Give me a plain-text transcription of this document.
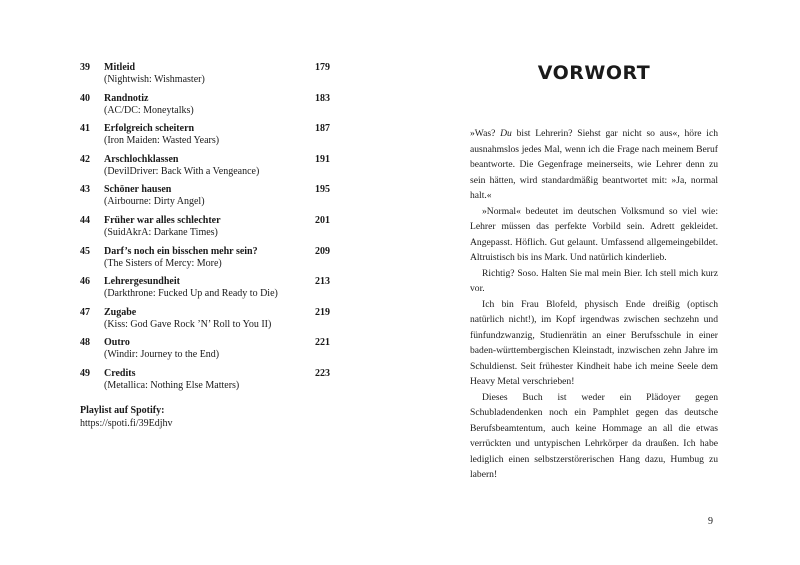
39 Mitleid	179
(Nightwish: Wishmaster)
40 Randnotiz	183
(AC/DC: Moneytalks)
41 Erfolgreich scheitern	187
(Iron Maiden: Wasted Years)
42 Arschlochklassen	191
(DevilDriver: Back With a Vengeance)
43 Schöner hausen	195
(Airbourne: Dirty Angel)
44 Früher war alles schlechter	201
(SuidAkrA: Darkane Times)
45 Darf’s noch ein bisschen mehr sein?	209
(The Sisters of Mercy: More)
46 Lehrergesundheit	213
(Darkthrone: Fucked Up and Ready to Die)
47 Zugabe	219
(Kiss: God Gave Rock ’N’ Roll to You II)
48 Outro	221
(Windir: Journey to the End)
49 Credits	223
(Metallica: Nothing Else Matters)
Playlist auf Spotify:
https://spoti.fi/39Edjhv
VORWORT

»Was? Du bist Lehrerin? Siehst gar nicht so aus«, höre ich ausnahmslos jedes Mal, wenn ich die Frage nach meinem Beruf beantworte. Die Gegenfrage meinerseits, wie Lehrer denn zu sein hätten, wird standardmäßig beantwortet mit: »Ja, normal halt.«

»Normal« bedeutet im deutschen Volksmund so viel wie: Lehrer müssen das perfekte Vorbild sein. Adrett gekleidet. Angepasst. Höflich. Gut gelaunt. Umfassend allgemeingebildet. Altruistisch bis ins Mark. Und natürlich kinderlieb.

Richtig? Soso. Halten Sie mal mein Bier. Ich stell mich kurz vor.

Ich bin Frau Blofeld, physisch Ende dreißig (optisch natürlich nicht!), im Kopf irgendwas zwischen sechzehn und fünfundzwanzig, Studienrätin an einer Berufsschule in einer baden-württembergischen Kleinstadt, inzwischen zehn Jahre im Schuldienst. Seit frühester Kindheit habe ich meine Seele dem Heavy Metal verschrieben!

Dieses Buch ist weder ein Plädoyer gegen Schubladendenken noch ein Pamphlet gegen das deutsche Berufsbeamtentum, auch keine Hommage an all die etwas verrückten und untypischen Lehrkörper da draußen. Ich habe lediglich einen selbstzerstörerischen Hang dazu, Humbug zu labern!

9
